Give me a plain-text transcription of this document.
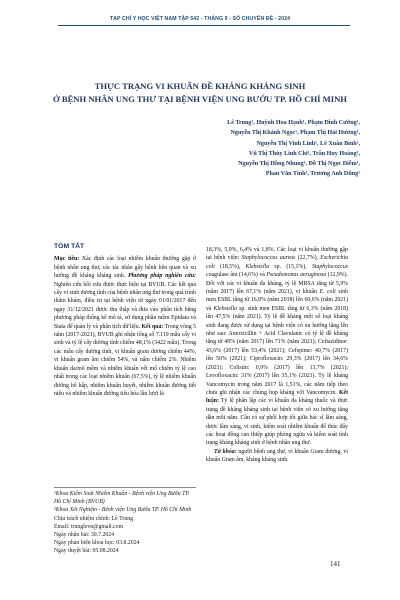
TẠP CHÍ Y HỌC VIỆT NAM TẬP 542 - THÁNG 9 - SỐ CHUYÊN ĐỀ - 2024
THỰC TRẠNG VI KHUẨN ĐỀ KHÁNG KHÁNG SINH
Ở BỆNH NHÂN UNG THƯ TẠI BỆNH VIỆN UNG BƯỚU TP. HỒ CHÍ MINH
Lê Trung¹, Huỳnh Hoa Hạnh¹, Phạm Đình Cường¹,
Nguyễn Thị Khánh Ngọc¹, Phạm Thị Hải Hương¹,
Nguyễn Thị Vinh Linh¹, Lê Xuân Bình¹,
Vũ Thị Thùy Linh Chi¹, Trần Huy Hoàng¹,
Nguyễn Thị Hồng Nhung¹, Đỗ Thị Ngọc Diễm¹,
Phan Văn Tính², Trương Anh Dũng²
TÓM TẮT

Mục tiêu: Xác định các loại nhiễm khuẩn thường gặp ở bệnh nhân ung thư, các tác nhân gây bệnh liên quan và xu hướng đề kháng kháng sinh. Phương pháp nghiên cứu: Nghiên cứu hồi cứu được thực hiện tại BVUB. Các kết quả cấy vi sinh dương tính của bệnh nhân ung thư trong quá trình thăm khám, điều trị tại bệnh viện từ ngày 01/01/2017 đến ngày 31/12/2021 được thu thập và đưa vào phân tích bằng phương pháp thống kê mô tả, sử dụng phần mềm Epidata và Stata để quản lý và phân tích dữ liệu. Kết quả: Trong vòng 5 năm (2017-2021), BVUB ghi nhận tổng số 7.119 mẫu cấy vi sinh và tỷ lệ cấy dương tính chiếm 48,1% (3422 mẫu). Trong các mẫu cấy dương tính, vi khuẩn gram dương chiếm 44%, vi khuẩn gram âm chiếm 54%, và nấm chiếm 2%. Nhiễm khuẩn da/mô mềm và nhiễm khuẩn vết mổ chiếm tỷ lệ cao nhất trong các loại nhiễm khuẩn (67,5%), tỷ lệ nhiễm khuẩn đường hô hấp, nhiễm khuẩn huyết, nhiễm khuẩn đường tiết niệu và nhiễm khuẩn đường tiêu hóa lần lượt là

18,3%, 5,9%, 6,4% và 1,8%. Các loại vi khuẩn thường gặp tại bệnh viện: Staphylococcus aureus (22,7%), Escherichia coli (18,5%), Klebsiella sp. (15,1%), Staphylococcus coagulase âm (14,6%) và Pseudomonas aeruginosa (12,9%). Đối với các vi khuẩn đa kháng, tỷ lệ MRSA tăng từ 5,9% (năm 2017) lên 67,1% (năm 2021), vi khuẩn E. coli sinh men ESBL tăng từ 16,8% (năm 2018) lên 60,6% (năm 2021) và Klebsiella sp. sinh men ESBL tăng từ 6,3% (năm 2018) lên 47,5% (năm 2021). Tỷ lệ đề kháng một số loại kháng sinh đang được sử dụng tại bệnh viện có xu hướng tăng lên như sau: Amoxicillin + Acid Clavulanic có tỷ lệ đề kháng tăng từ 49% (năm 2017) lên 71% (năm 2021); Ceftazidime: 43,6% (2017) lên 53,4% (2021); Cefepime: 40,7% (2017) lên 50% (2021); Ciprofloxacin: 29,3% (2017) lên 34,6% (2021); Colistin: 0,9% (2017) lên 13,7% (2021); Levofloxacin: 31% (2017) lên 35,1% (2021). Tỷ lệ kháng Vancomycin trong năm 2017 là 1,51%, các năm tiếp theo chưa ghi nhận các chủng họp kháng với Vancomycin. Kết luận: Tỷ lệ phân lập các vi khuẩn đa kháng thuốc và thực trạng đề kháng kháng sinh tại bệnh viện có xu hướng tăng dần mỗi năm. Cần có sự phối hợp tốt giữa bác sĩ lâm sàng, dược lâm sàng, vi sinh, kiểm soát nhiễm khuẩn để thúc đẩy các hoạt động can thiệp giúp phòng ngừa và kiểm soát tình trạng kháng kháng sinh ở bệnh nhân ung thư.

Từ khóa: người bệnh ung thư, vi khuẩn Gram dương, vi khuẩn Gram âm, kháng kháng sinh.

¹Khoa Kiểm Soát Nhiễm Khuẩn - Bệnh viện Ung Bướu TP. Hồ Chí Minh (BVUB)
²Khoa Xét Nghiệm - Bệnh viện Ung Bướu TP. Hồ Chí Minh
Chịu trách nhiệm chính: Lê Trung
Email: trunglevn@gmail.com
Ngày nhận bài: 30.7.2024
Ngày phản biện khoa học: 03.8.2024
Ngày duyệt bài: 05.08.2024
141
